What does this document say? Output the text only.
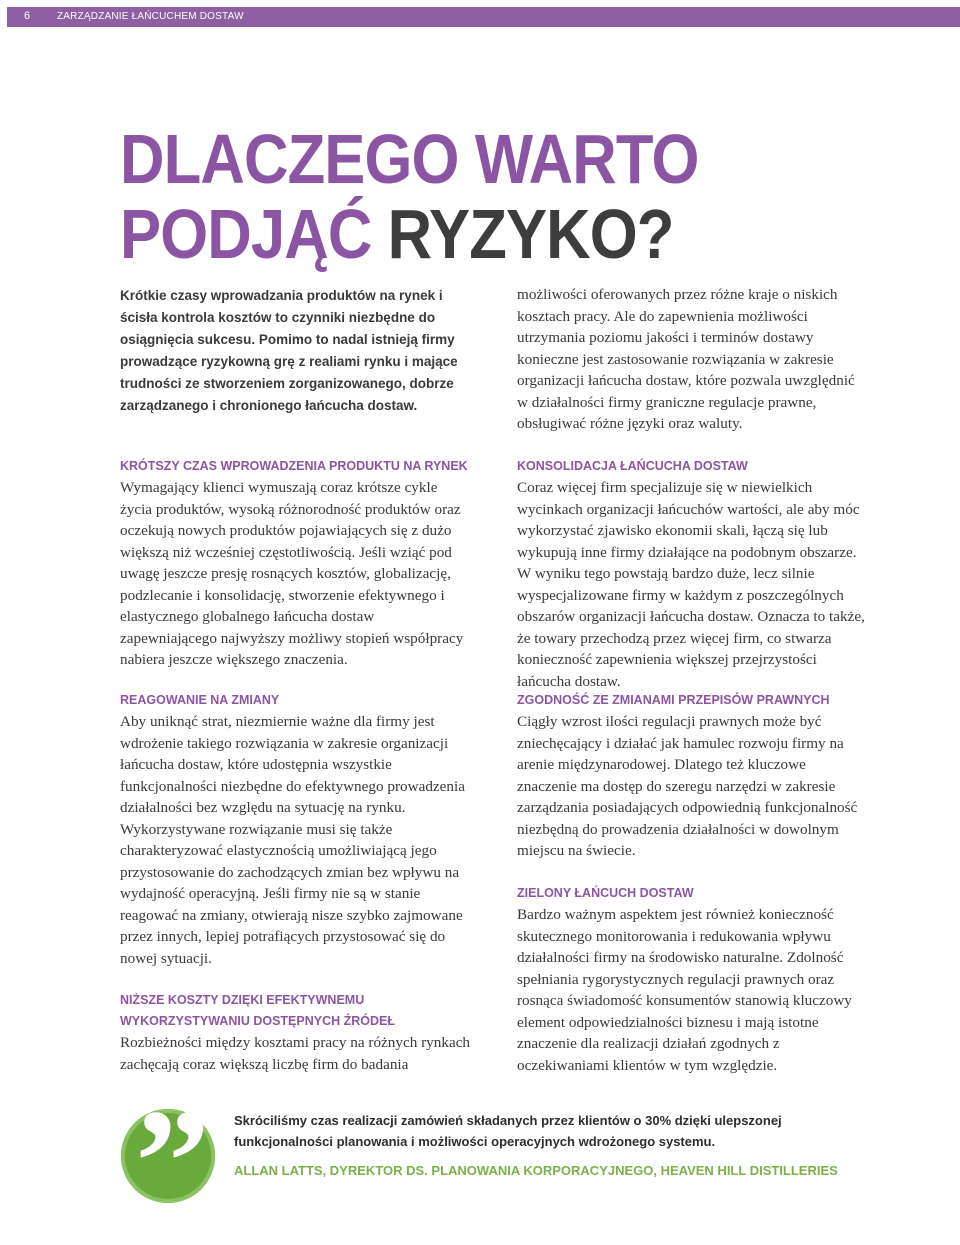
6	ZARZĄDZANIE ŁAŃCUCHEM DOSTAW
DLACZEGO WARTO
PODJĄĆ RYZYKO?

Krótkie czasy wprowadzania produktów na rynek i ścisła kontrola kosztów to czynniki niezbędne do osiągnięcia sukcesu. Pomimo to nadal istnieją firmy prowadzące ryzykowną grę z realiami rynku i mające trudności ze stworzeniem zorganizowanego, dobrze zarządzanego i chronionego łańcucha dostaw.

możliwości oferowanych przez różne kraje o niskich kosztach pracy. Ale do zapewnienia możliwości utrzymania poziomu jakości i terminów dostawy konieczne jest zastosowanie rozwiązania w zakresie organizacji łańcucha dostaw, które pozwala uwzględnić w działalności firmy graniczne regulacje prawne, obsługiwać różne języki oraz waluty.

KRÓTSZY CZAS WPROWADZENIA PRODUKTU NA RYNEK

Wymagający klienci wymuszają coraz krótsze cykle życia produktów, wysoką różnorodność produktów oraz oczekują nowych produktów pojawiających się z dużo większą niż wcześniej częstotliwością. Jeśli wziąć pod uwagę jeszcze presję rosnących kosztów, globalizację, podzlecanie i konsolidację, stworzenie efektywnego i elastycznego globalnego łańcucha dostaw zapewniającego najwyższy możliwy stopień współpracy nabiera jeszcze większego znaczenia.

REAGOWANIE NA ZMIANY

Aby uniknąć strat, niezmiernie ważne dla firmy jest wdrożenie takiego rozwiązania w zakresie organizacji łańcucha dostaw, które udostępnia wszystkie funkcjonalności niezbędne do efektywnego prowadzenia działalności bez względu na sytuację na rynku. Wykorzystywane rozwiązanie musi się także charakteryzować elastycznością umożliwiającą jego przystosowanie do zachodzących zmian bez wpływu na wydajność operacyjną. Jeśli firmy nie są w stanie reagować na zmiany, otwierają nisze szybko zajmowane przez innych, lepiej potrafiących przystosować się do nowej sytuacji.

NIŻSZE KOSZTY DZIĘKI EFEKTYWNEMU WYKORZYSTYWANIU DOSTĘPNYCH ŹRÓDEŁ

Rozbieżności między kosztami pracy na różnych rynkach zachęcają coraz większą liczbę firm do badania

KONSOLIDACJA ŁAŃCUCHA DOSTAW

Coraz więcej firm specjalizuje się w niewielkich wycinkach organizacji łańcuchów wartości, ale aby móc wykorzystać zjawisko ekonomii skali, łączą się lub wykupują inne firmy działające na podobnym obszarze. W wyniku tego powstają bardzo duże, lecz silnie wyspecjalizowane firmy w każdym z poszczególnych obszarów organizacji łańcucha dostaw. Oznacza to także, że towary przechodzą przez więcej firm, co stwarza konieczność zapewnienia większej przejrzystości łańcucha dostaw.

ZGODNOŚĆ ZE ZMIANAMI PRZEPISÓW PRAWNYCH

Ciągły wzrost ilości regulacji prawnych może być zniechęcający i działać jak hamulec rozwoju firmy na arenie międzynarodowej. Dlatego też kluczowe znaczenie ma dostęp do szeregu narzędzi w zakresie zarządzania posiadających odpowiednią funkcjonalność niezbędną do prowadzenia działalności w dowolnym miejscu na świecie.

ZIELONY ŁAŃCUCH DOSTAW

Bardzo ważnym aspektem jest również konieczność skutecznego monitorowania i redukowania wpływu działalności firmy na środowisko naturalne. Zdolność spełniania rygorystycznych regulacji prawnych oraz rosnąca świadomość konsumentów stanowią kluczowy element odpowiedzialności biznesu i mają istotne znaczenie dla realizacji działań zgodnych z oczekiwaniami klientów w tym względzie.

” Skróciliśmy czas realizacji zamówień składanych przez klientów o 30% dzięki ulepszonej funkcjonalności planowania i możliwości operacyjnych wdrożonego systemu.

ALLAN LATTS, DYREKTOR DS. PLANOWANIA KORPORACYJNEGO, HEAVEN HILL DISTILLERIES
